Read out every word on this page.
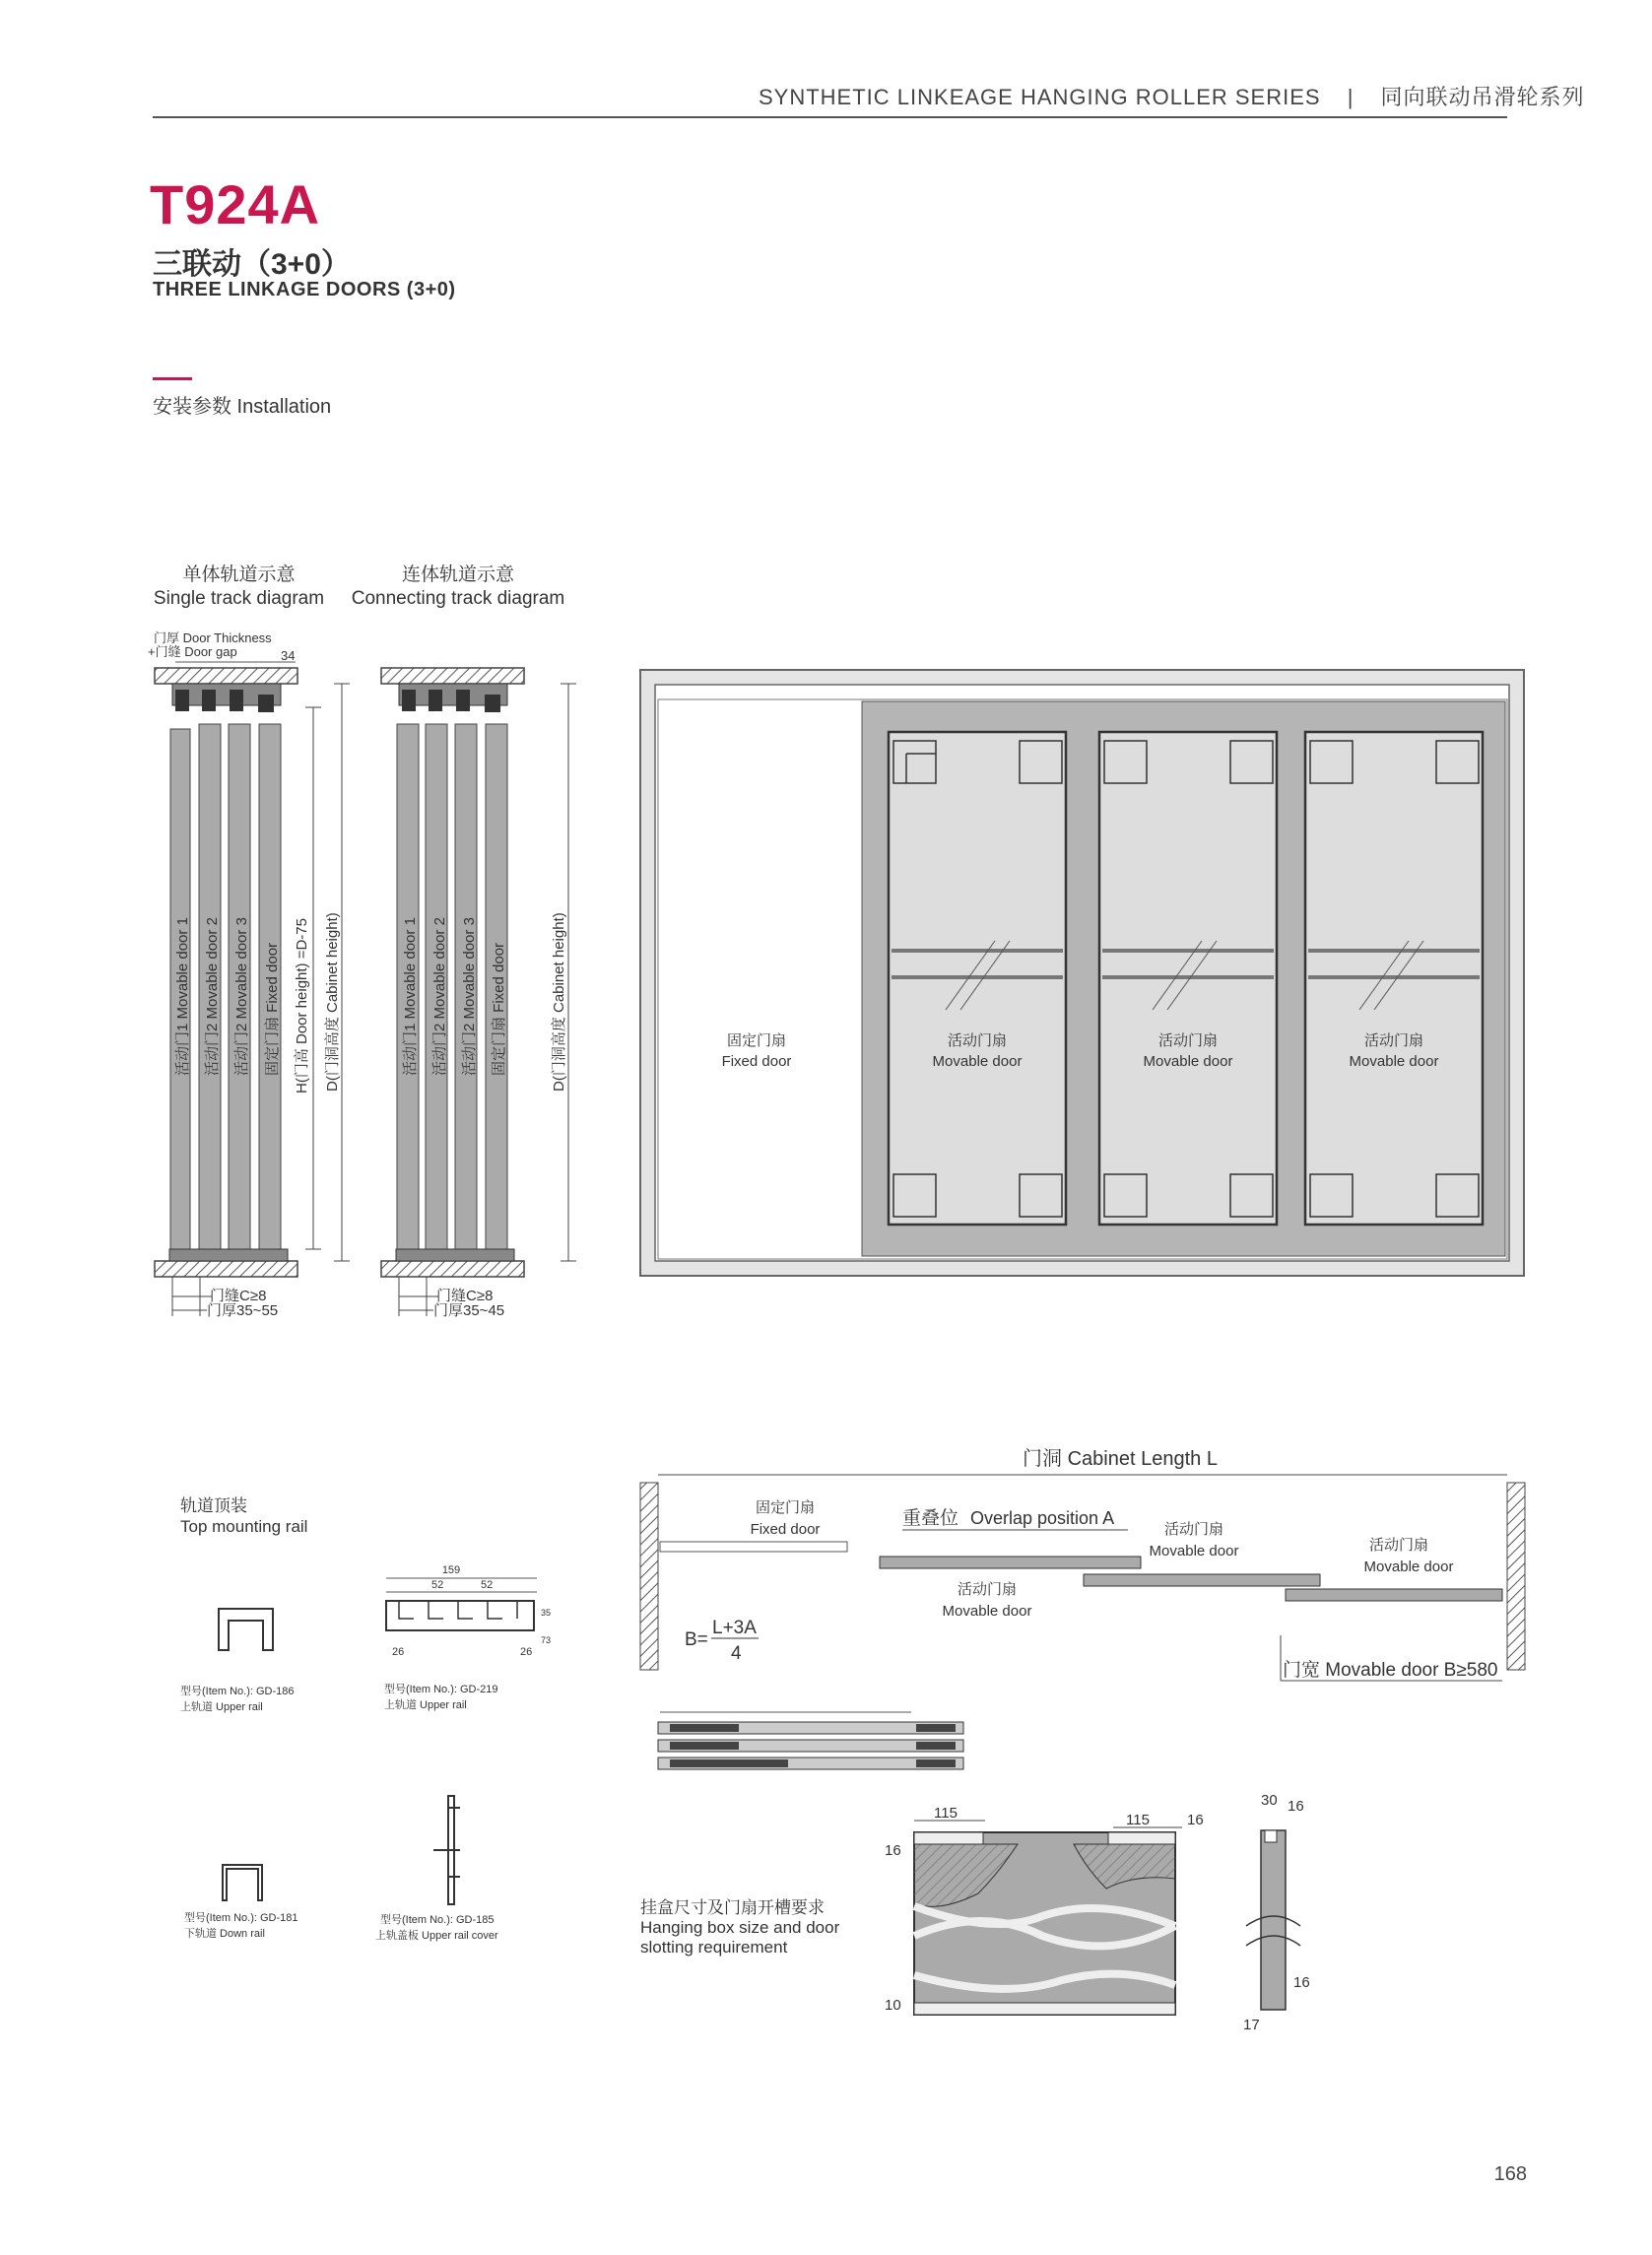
SYNTHETIC LINKEAGE HANGING ROLLER SERIES | 同向联动吊滑轮系列
T924A
三联动（3+0）
THREE LINKAGE DOORS (3+0)
安装参数 Installation
单体轨道示意
Single track diagram
连体轨道示意
Connecting track diagram
门厚 Door Thickness
+门缝 Door gap	34
活动门1 Movable door 1 活动门2 Movable door 2 活动门2 Movable door 3 固定门扇 Fixed door H(门高 Door height) =D-75 D(门洞高度 Cabinet height)
门缝C≥8
门厚35~55
活动门1 Movable door 1 活动门2 Movable door 2 活动门2 Movable door 3 固定门扇 Fixed door	D(门洞高度 Cabinet height)
门缝C≥8
门厚35~45
固定门扇
Fixed door
活动门扇
Movable door
活动门扇
Movable door
活动门扇
Movable door
门洞 Cabinet Length L
固定门扇
Fixed door
重叠位 Overlap position A
活动门扇
Movable door
活动门扇
Movable door	活动门扇
Movable door
B=
L+3A
4
门宽 Movable door B≥580
轨道顶装
Top mounting rail
型号(Item No.): GD-186
上轨道 Upper rail
159
52	52
26	26
35
73
型号(Item No.): GD-219
上轨道 Upper rail
型号(Item No.): GD-181
下轨道 Down rail
型号(Item No.): GD-185
上轨盖板 Upper rail cover
挂盒尺寸及门扇开槽要求
Hanging box size and door
slotting requirement
115	115	16
16
10
30 16
16
17
168
